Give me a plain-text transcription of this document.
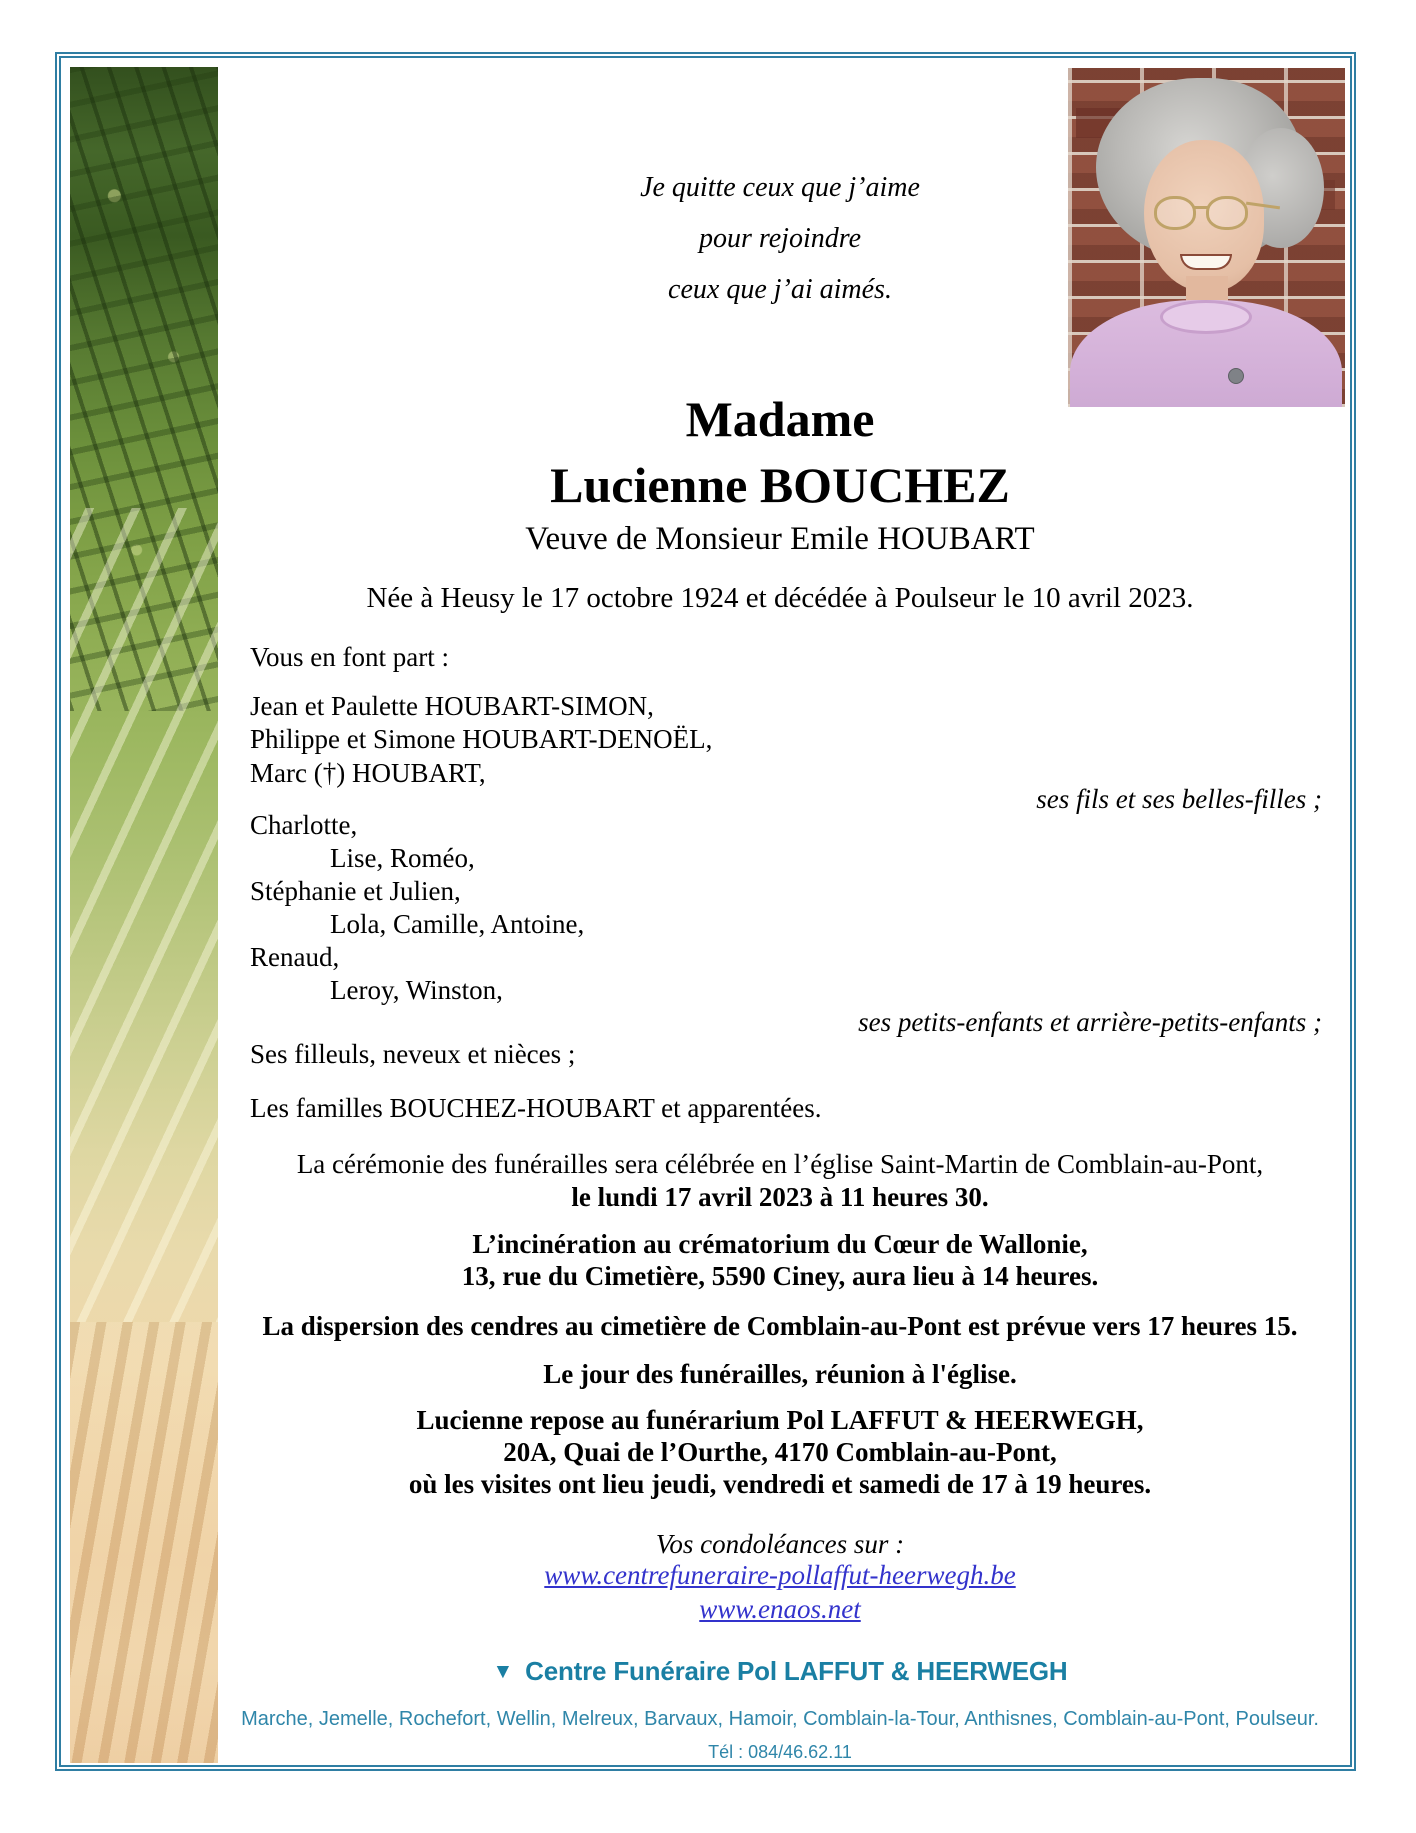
Je quitte ceux que j’aime
pour rejoindre
ceux que j’ai aimés.
Madame
Lucienne BOUCHEZ
Veuve de Monsieur Emile HOUBART
Née à Heusy le 17 octobre 1924 et décédée à Poulseur le 10 avril 2023.
Vous en font part :
Jean et Paulette HOUBART-SIMON,
Philippe et Simone HOUBART-DENOËL,
Marc (†) HOUBART,
ses fils et ses belles-filles ;
Charlotte,
Lise, Roméo,
Stéphanie et Julien,
Lola, Camille, Antoine,
Renaud,
Leroy, Winston,
ses petits-enfants et arrière-petits-enfants ;
Ses filleuls, neveux et nièces ;
Les familles BOUCHEZ-HOUBART et apparentées.
La cérémonie des funérailles sera célébrée en l’église Saint-Martin de Comblain-au-Pont,
le lundi 17 avril 2023 à 11 heures 30.
L’incinération au crématorium du Cœur de Wallonie,
13, rue du Cimetière, 5590 Ciney, aura lieu à 14 heures.
La dispersion des cendres au cimetière de Comblain-au-Pont est prévue vers 17 heures 15.
Le jour des funérailles, réunion à l'église.
Lucienne repose au funérarium Pol LAFFUT & HEERWEGH,
20A, Quai de l’Ourthe, 4170 Comblain-au-Pont,
où les visites ont lieu jeudi, vendredi et samedi de 17 à 19 heures.
Vos condoléances sur :
www.centrefuneraire-pollaffut-heerwegh.be
www.enaos.net
▼ Centre Funéraire Pol LAFFUT & HEERWEGH
Marche, Jemelle, Rochefort, Wellin, Melreux, Barvaux, Hamoir, Comblain-la-Tour, Anthisnes, Comblain-au-Pont, Poulseur.
Tél : 084/46.62.11
